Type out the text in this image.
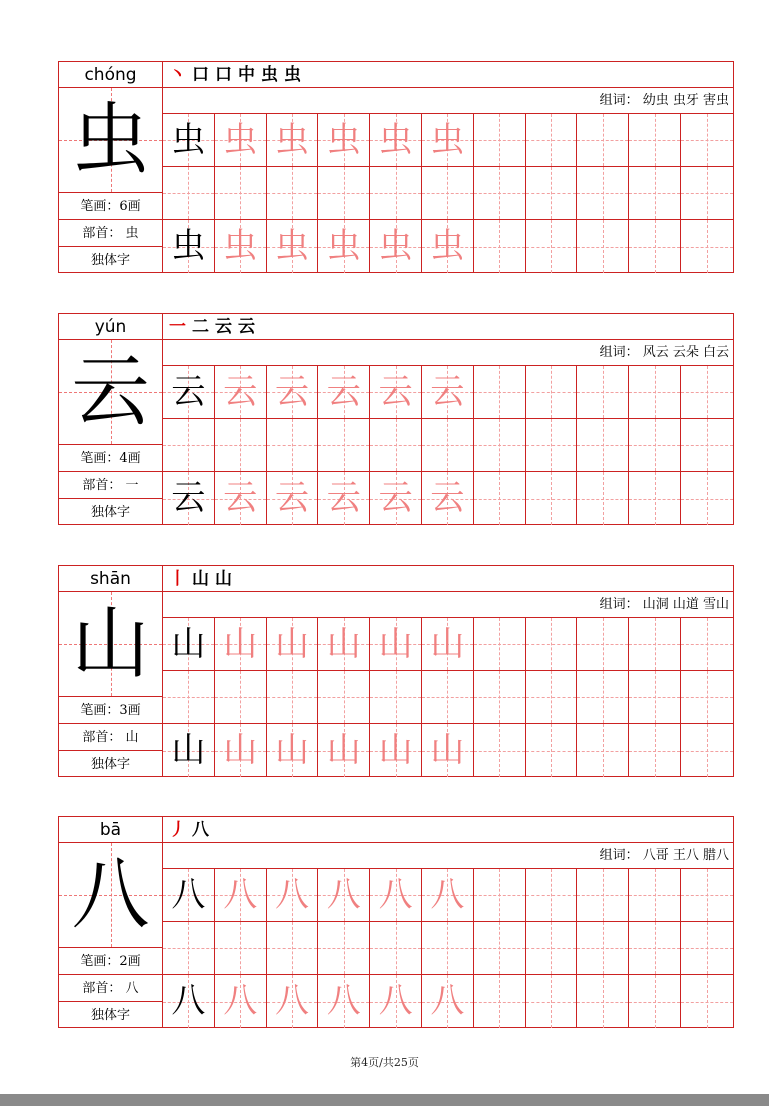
chóng
虫
笔画：6画
部首： 虫
独体字
丶 口 口 中 虫 虫
组词： 幼虫 虫牙 害虫
虫 虫 虫 虫 虫 虫
虫 虫 虫 虫 虫 虫
yún
云
笔画：4画
部首： 一
独体字
一 二 云 云
组词： 风云 云朵 白云
云 云 云 云 云 云
云 云 云 云 云 云
shān
山
笔画：3画
部首： 山
独体字
丨 山 山
组词： 山洞 山道 雪山
山 山 山 山 山 山
山 山 山 山 山 山
bā
八
笔画：2画
部首： 八
独体字
丿 八
组词： 八哥 王八 腊八
八 八 八 八 八 八
八 八 八 八 八 八
第4页/共25页
